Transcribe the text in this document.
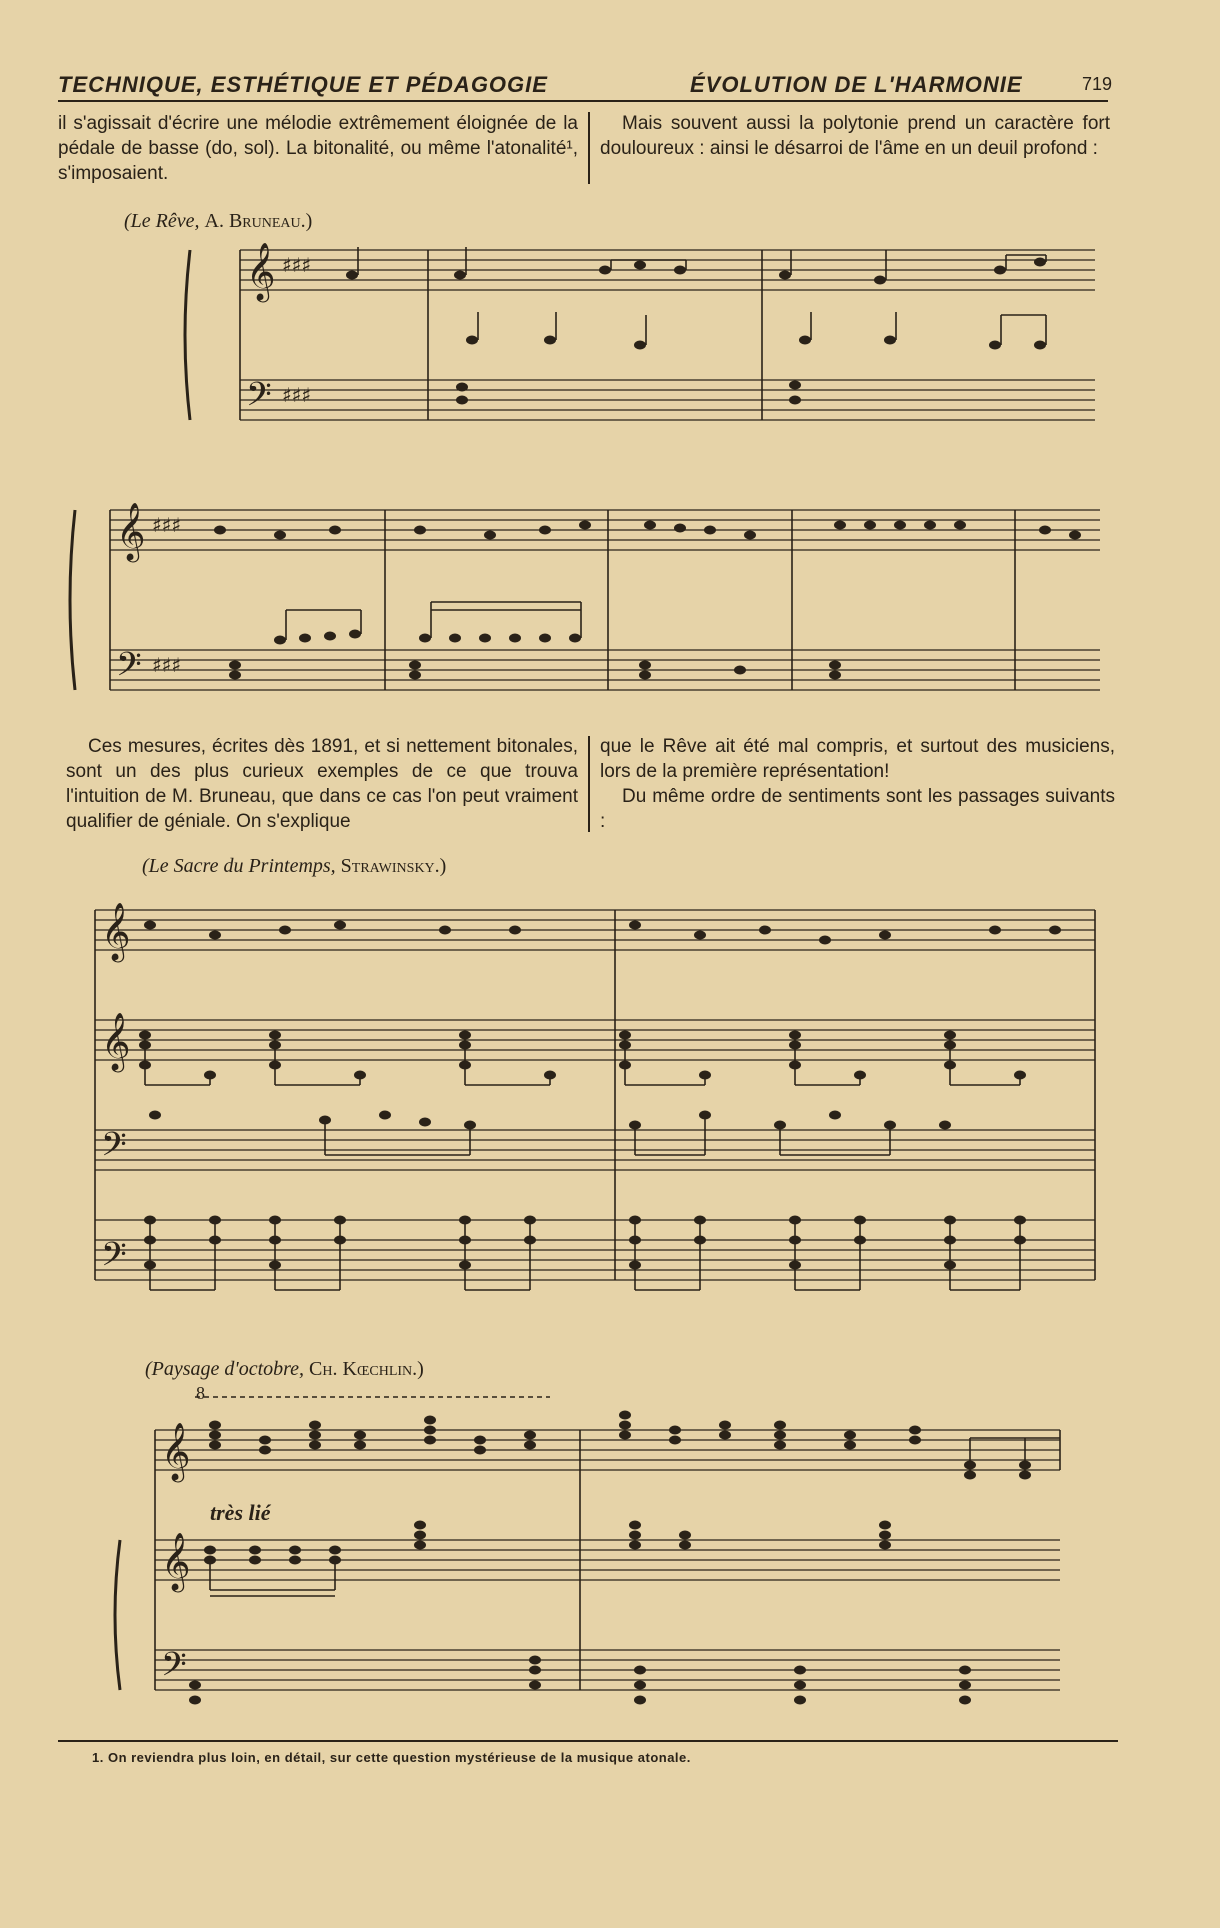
TECHNIQUE, ESTHÉTIQUE ET PÉDAGOGIE	ÉVOLUTION DE L'HARMONIE	719
il s'agissait d'écrire une mélodie extrêmement éloignée de la pédale de basse (do, sol). La bitonalité, ou même l'atonalité¹, s'imposaient.
Mais souvent aussi la polytonie prend un caractère fort douloureux : ainsi le désarroi de l'âme en un deuil profond :
(Le Rêve, A. Bruneau.)
𝄞
𝄢
♯♯♯
♯♯♯
𝄞
𝄢
♯♯♯
♯♯♯
𝄞
𝄞
𝄢
𝄢
𝄞
𝄞
𝄢
Ces mesures, écrites dès 1891, et si nettement bitonales, sont un des plus curieux exemples de ce que trouva l'intuition de M. Bruneau, que dans ce cas l'on peut vraiment qualifier de géniale. On s'explique
que le Rêve ait été mal compris, et surtout des musiciens, lors de la première représentation!
Du même ordre de sentiments sont les passages suivants :
(Le Sacre du Printemps, Strawinsky.)
(Paysage d'octobre, Ch. Kœchlin.)
8
très lié
1. On reviendra plus loin, en détail, sur cette question mystérieuse de la musique atonale.
